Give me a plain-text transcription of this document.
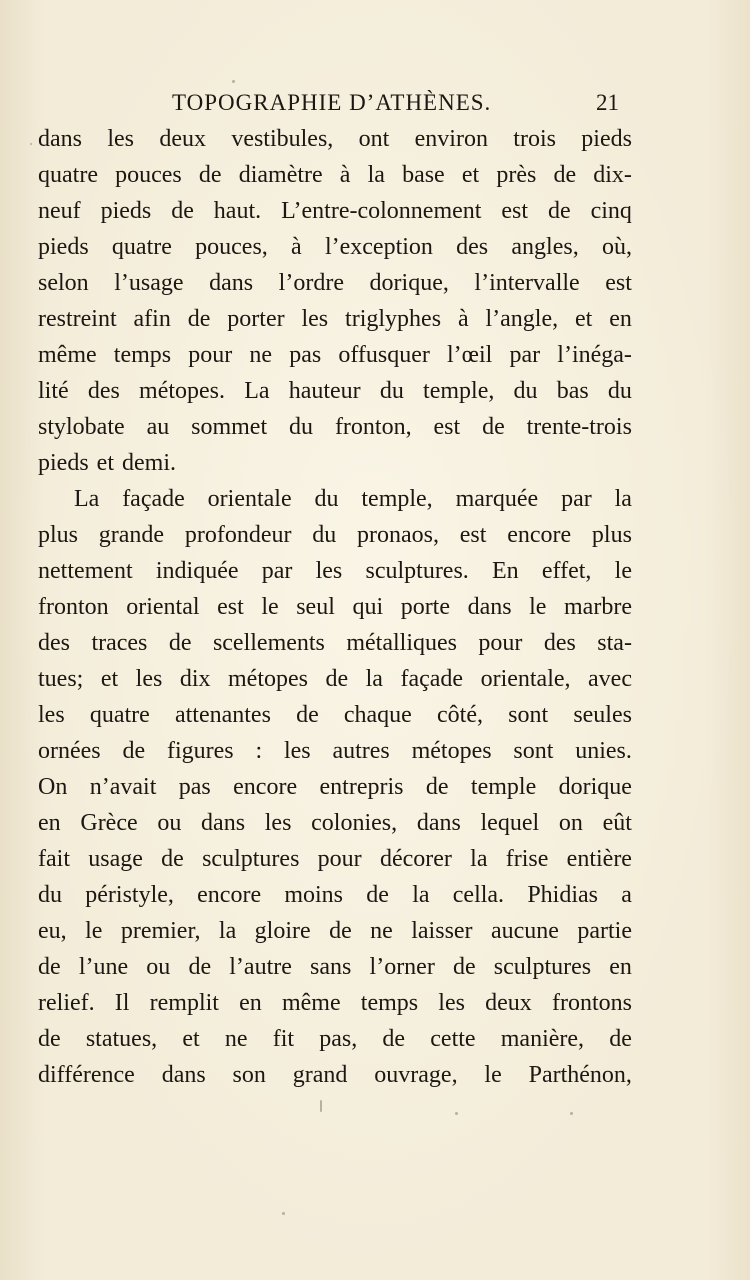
TOPOGRAPHIE D’ATHÈNES.	21
dans les deux vestibules, ont environ trois pieds
quatre pouces de diamètre à la base et près de dix-
neuf pieds de haut. L’entre-colonnement est de cinq
pieds quatre pouces, à l’exception des angles, où,
selon l’usage dans l’ordre dorique, l’intervalle est
restreint afin de porter les triglyphes à l’angle, et en
même temps pour ne pas offusquer l’œil par l’inéga-
lité des métopes. La hauteur du temple, du bas du
stylobate au sommet du fronton, est de trente-trois
pieds et demi.
La façade orientale du temple, marquée par la
plus grande profondeur du pronaos, est encore plus
nettement indiquée par les sculptures. En effet, le
fronton oriental est le seul qui porte dans le marbre
des traces de scellements métalliques pour des sta-
tues; et les dix métopes de la façade orientale, avec
les quatre attenantes de chaque côté, sont seules
ornées de figures : les autres métopes sont unies.
On n’avait pas encore entrepris de temple dorique
en Grèce ou dans les colonies, dans lequel on eût
fait usage de sculptures pour décorer la frise entière
du péristyle, encore moins de la cella. Phidias a
eu, le premier, la gloire de ne laisser aucune partie
de l’une ou de l’autre sans l’orner de sculptures en
relief. Il remplit en même temps les deux frontons
de statues, et ne fit pas, de cette manière, de
différence dans son grand ouvrage, le Parthénon,
